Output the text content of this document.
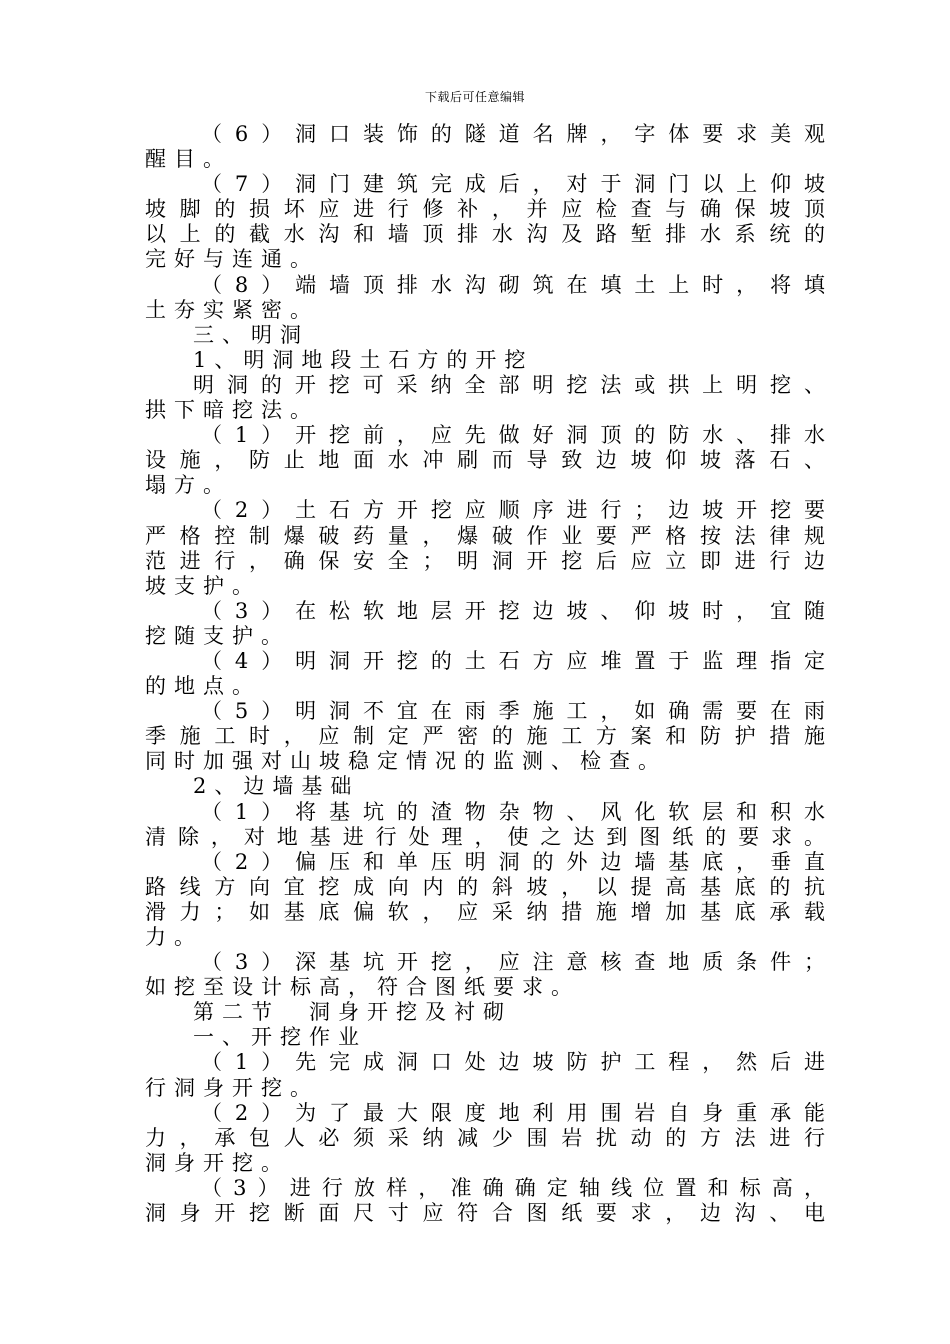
下载后可任意编辑
（6）洞口装饰的隧道名牌，字体要求美观
醒目。
（7）洞门建筑完成后，对于洞门以上仰坡
坡脚的损坏应进行修补，并应检查与确保坡顶
以上的截水沟和墙顶排水沟及路堑排水系统的
完好与连通。
（8）端墙顶排水沟砌筑在填土上时，将填
土夯实紧密。
三、明洞
1、明洞地段土石方的开挖
明洞的开挖可采纳全部明挖法或拱上明挖、
拱下暗挖法。
（1）开挖前，应先做好洞顶的防水、排水
设施，防止地面水冲刷而导致边坡仰坡落石、
塌方。
（2）土石方开挖应顺序进行；边坡开挖要
严格控制爆破药量，爆破作业要严格按法律规
范进行，确保安全；明洞开挖后应立即进行边
坡支护。
（3）在松软地层开挖边坡、仰坡时，宜随
挖随支护。
（4）明洞开挖的土石方应堆置于监理指定
的地点。
（5）明洞不宜在雨季施工，如确需要在雨
季施工时，应制定严密的施工方案和防护措施
同时加强对山坡稳定情况的监测、检查。
2、边墙基础
（1）将基坑的渣物杂物、风化软层和积水
清除，对地基进行处理，使之达到图纸的要求。
（2）偏压和单压明洞的外边墙基底，垂直
路线方向宜挖成向内的斜坡，以提高基底的抗
滑力；如基底偏软，应采纳措施增加基底承载
力。
（3）深基坑开挖，应注意核查地质条件；
如挖至设计标高，符合图纸要求。
第二节　洞身开挖及衬砌
一、开挖作业
（1）先完成洞口处边坡防护工程，然后进
行洞身开挖。
（2）为了最大限度地利用围岩自身重承能
力，承包人必须采纳减少围岩扰动的方法进行
洞身开挖。
（3）进行放样，准确确定轴线位置和标高，
洞身开挖断面尺寸应符合图纸要求，边沟、电
